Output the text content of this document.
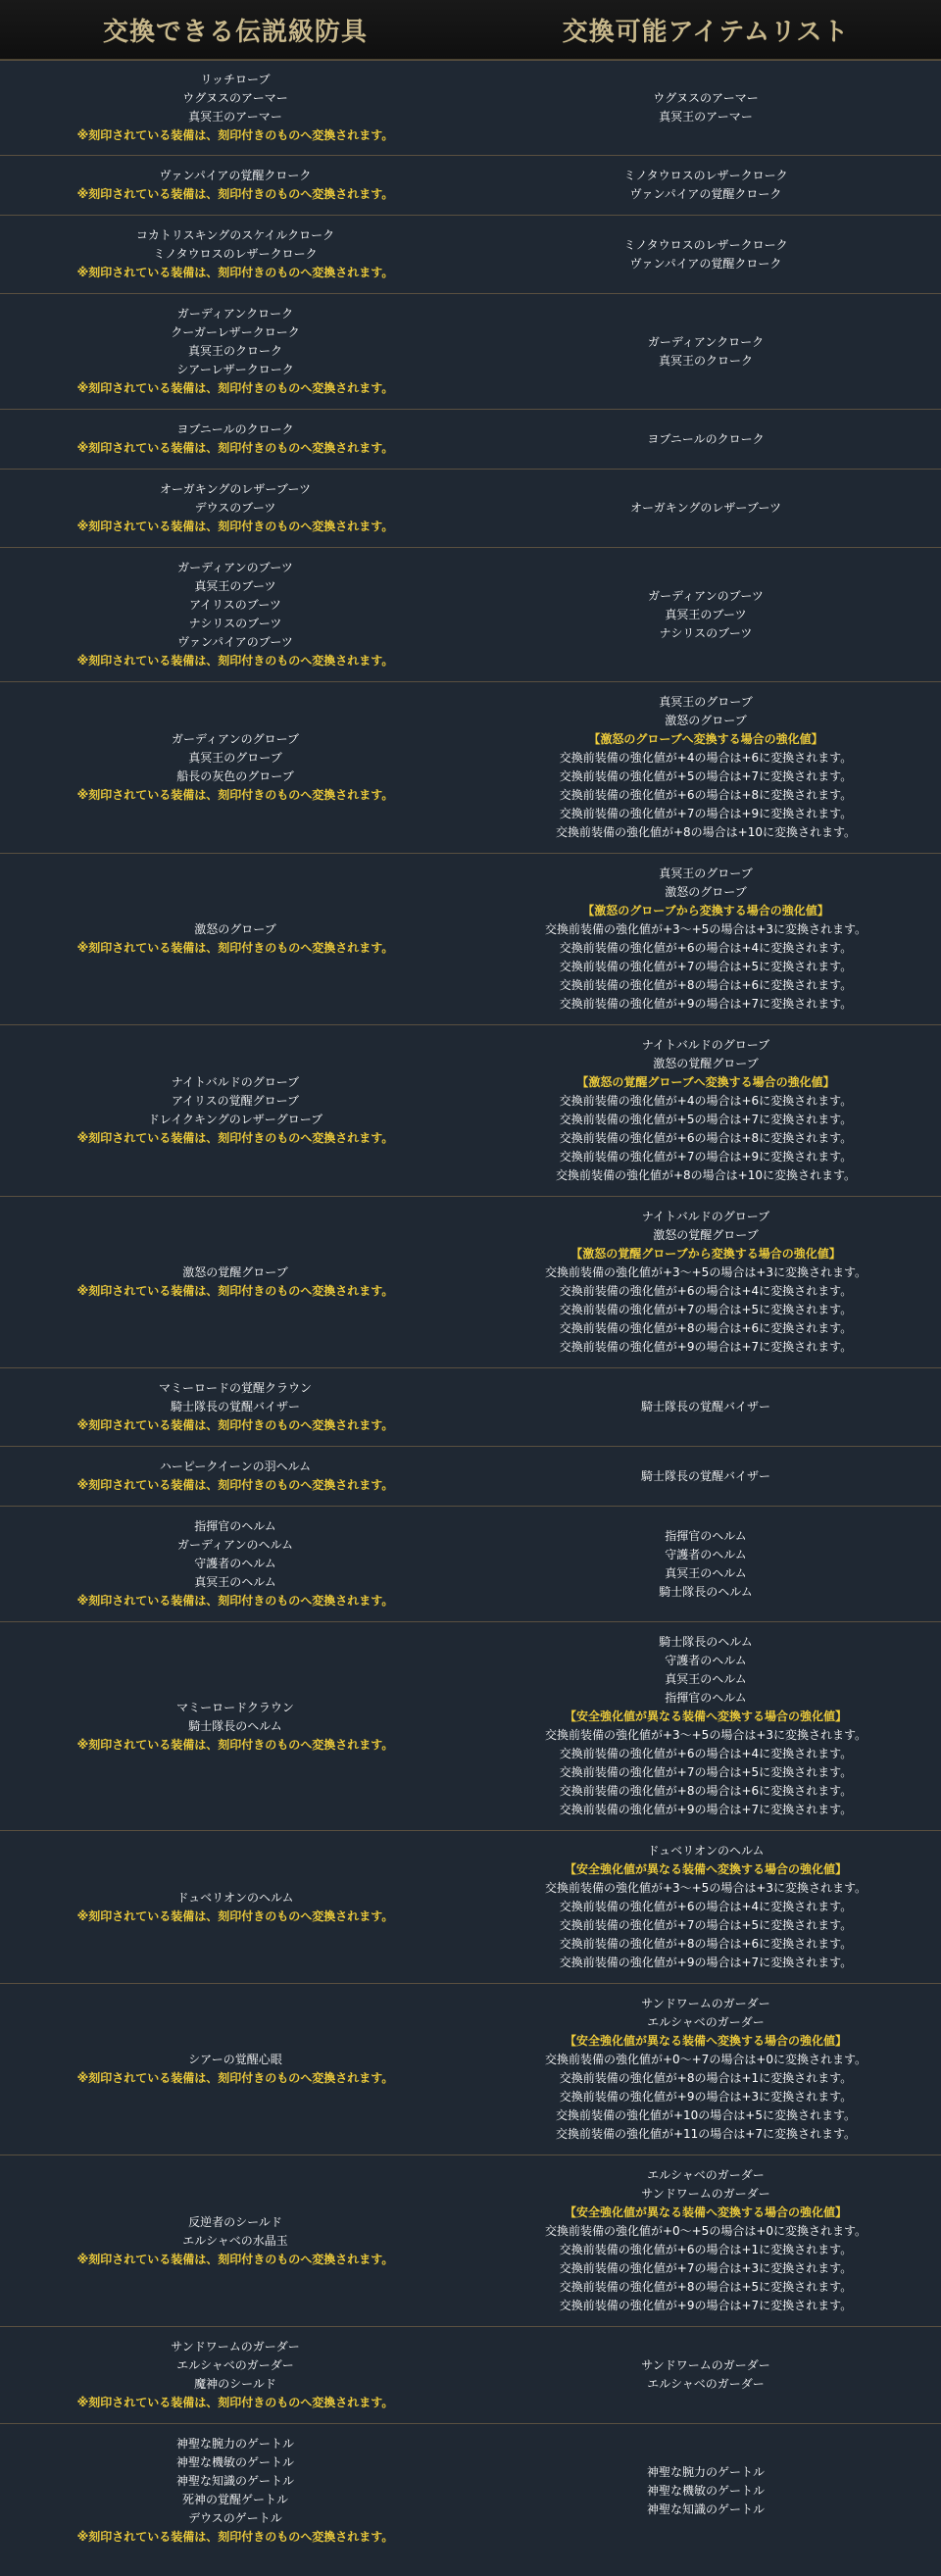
交換できる伝説級防具	交換可能アイテムリスト
リッチローブ
ウグヌスのアーマー
真冥王のアーマー
※刻印されている装備は、刻印付きのものへ変換されます。
ウグヌスのアーマー
真冥王のアーマー
ヴァンパイアの覚醒クローク
※刻印されている装備は、刻印付きのものへ変換されます。
ミノタウロスのレザークローク
ヴァンパイアの覚醒クローク
コカトリスキングのスケイルクローク
ミノタウロスのレザークローク
※刻印されている装備は、刻印付きのものへ変換されます。
ミノタウロスのレザークローク
ヴァンパイアの覚醒クローク
ガーディアンクローク
クーガーレザークローク
真冥王のクローク
シアーレザークローク
※刻印されている装備は、刻印付きのものへ変換されます。
ガーディアンクローク
真冥王のクローク
ヨブニールのクローク
※刻印されている装備は、刻印付きのものへ変換されます。
ヨブニールのクローク
オーガキングのレザーブーツ
デウスのブーツ
※刻印されている装備は、刻印付きのものへ変換されます。
オーガキングのレザーブーツ
ガーディアンのブーツ
真冥王のブーツ
アイリスのブーツ
ナシリスのブーツ
ヴァンパイアのブーツ
※刻印されている装備は、刻印付きのものへ変換されます。
ガーディアンのブーツ
真冥王のブーツ
ナシリスのブーツ
ガーディアンのグローブ
真冥王のグローブ
船長の灰色のグローブ
※刻印されている装備は、刻印付きのものへ変換されます。
真冥王のグローブ
激怒のグローブ
【激怒のグローブへ変換する場合の強化値】
交換前装備の強化値が+4の場合は+6に変換されます。
交換前装備の強化値が+5の場合は+7に変換されます。
交換前装備の強化値が+6の場合は+8に変換されます。
交換前装備の強化値が+7の場合は+9に変換されます。
交換前装備の強化値が+8の場合は+10に変換されます。
激怒のグローブ
※刻印されている装備は、刻印付きのものへ変換されます。
真冥王のグローブ
激怒のグローブ
【激怒のグローブから変換する場合の強化値】
交換前装備の強化値が+3～+5の場合は+3に変換されます。
交換前装備の強化値が+6の場合は+4に変換されます。
交換前装備の強化値が+7の場合は+5に変換されます。
交換前装備の強化値が+8の場合は+6に変換されます。
交換前装備の強化値が+9の場合は+7に変換されます。
ナイトバルドのグローブ
アイリスの覚醒グローブ
ドレイクキングのレザーグローブ
※刻印されている装備は、刻印付きのものへ変換されます。
ナイトバルドのグローブ
激怒の覚醒グローブ
【激怒の覚醒グローブへ変換する場合の強化値】
交換前装備の強化値が+4の場合は+6に変換されます。
交換前装備の強化値が+5の場合は+7に変換されます。
交換前装備の強化値が+6の場合は+8に変換されます。
交換前装備の強化値が+7の場合は+9に変換されます。
交換前装備の強化値が+8の場合は+10に変換されます。
激怒の覚醒グローブ
※刻印されている装備は、刻印付きのものへ変換されます。
ナイトバルドのグローブ
激怒の覚醒グローブ
【激怒の覚醒グローブから変換する場合の強化値】
交換前装備の強化値が+3～+5の場合は+3に変換されます。
交換前装備の強化値が+6の場合は+4に変換されます。
交換前装備の強化値が+7の場合は+5に変換されます。
交換前装備の強化値が+8の場合は+6に変換されます。
交換前装備の強化値が+9の場合は+7に変換されます。
マミーロードの覚醒クラウン
騎士隊長の覚醒バイザー
※刻印されている装備は、刻印付きのものへ変換されます。
騎士隊長の覚醒バイザー
ハーピークイーンの羽ヘルム
※刻印されている装備は、刻印付きのものへ変換されます。
騎士隊長の覚醒バイザー
指揮官のヘルム
ガーディアンのヘルム
守護者のヘルム
真冥王のヘルム
※刻印されている装備は、刻印付きのものへ変換されます。
指揮官のヘルム
守護者のヘルム
真冥王のヘルム
騎士隊長のヘルム
マミーロードクラウン
騎士隊長のヘルム
※刻印されている装備は、刻印付きのものへ変換されます。
騎士隊長のヘルム
守護者のヘルム
真冥王のヘルム
指揮官のヘルム
【安全強化値が異なる装備へ変換する場合の強化値】
交換前装備の強化値が+3～+5の場合は+3に変換されます。
交換前装備の強化値が+6の場合は+4に変換されます。
交換前装備の強化値が+7の場合は+5に変換されます。
交換前装備の強化値が+8の場合は+6に変換されます。
交換前装備の強化値が+9の場合は+7に変換されます。
ドュベリオンのヘルム
※刻印されている装備は、刻印付きのものへ変換されます。
ドュベリオンのヘルム
【安全強化値が異なる装備へ変換する場合の強化値】
交換前装備の強化値が+3～+5の場合は+3に変換されます。
交換前装備の強化値が+6の場合は+4に変換されます。
交換前装備の強化値が+7の場合は+5に変換されます。
交換前装備の強化値が+8の場合は+6に変換されます。
交換前装備の強化値が+9の場合は+7に変換されます。
シアーの覚醒心眼
※刻印されている装備は、刻印付きのものへ変換されます。
サンドワームのガーダー
エルシャベのガーダー
【安全強化値が異なる装備へ変換する場合の強化値】
交換前装備の強化値が+0～+7の場合は+0に変換されます。
交換前装備の強化値が+8の場合は+1に変換されます。
交換前装備の強化値が+9の場合は+3に変換されます。
交換前装備の強化値が+10の場合は+5に変換されます。
交換前装備の強化値が+11の場合は+7に変換されます。
反逆者のシールド
エルシャベの水晶玉
※刻印されている装備は、刻印付きのものへ変換されます。
エルシャベのガーダー
サンドワームのガーダー
【安全強化値が異なる装備へ変換する場合の強化値】
交換前装備の強化値が+0～+5の場合は+0に変換されます。
交換前装備の強化値が+6の場合は+1に変換されます。
交換前装備の強化値が+7の場合は+3に変換されます。
交換前装備の強化値が+8の場合は+5に変換されます。
交換前装備の強化値が+9の場合は+7に変換されます。
サンドワームのガーダー
エルシャベのガーダー
魔神のシールド
※刻印されている装備は、刻印付きのものへ変換されます。
サンドワームのガーダー
エルシャベのガーダー
神聖な腕力のゲートル
神聖な機敏のゲートル
神聖な知識のゲートル
死神の覚醒ゲートル
デウスのゲートル
※刻印されている装備は、刻印付きのものへ変換されます。
神聖な腕力のゲートル
神聖な機敏のゲートル
神聖な知識のゲートル
